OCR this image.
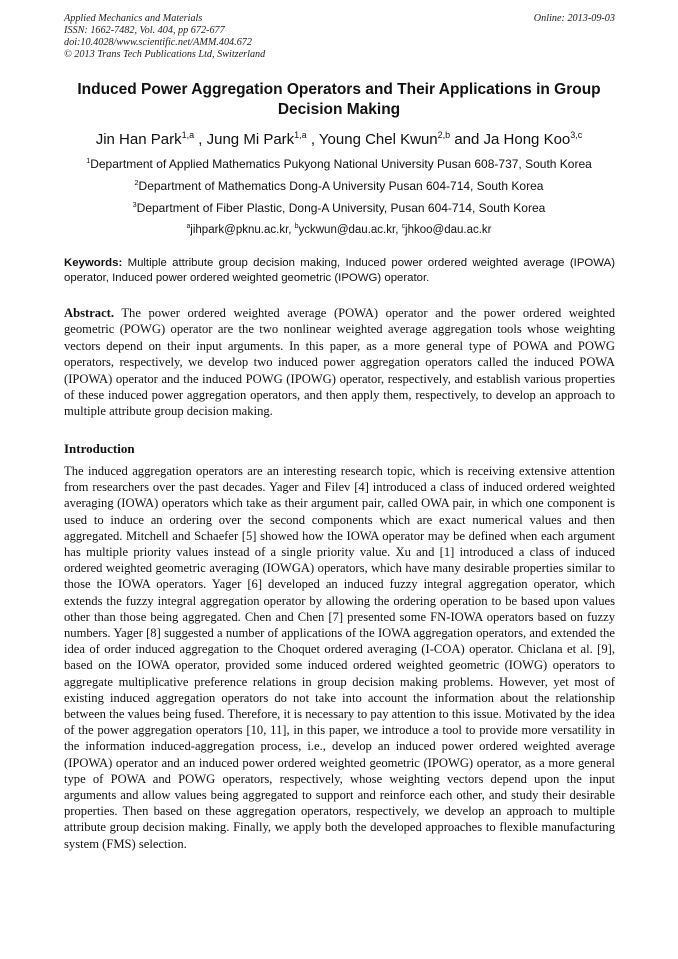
Applied Mechanics and Materials
ISSN: 1662-7482, Vol. 404, pp 672-677
doi:10.4028/www.scientific.net/AMM.404.672
© 2013 Trans Tech Publications Ltd, Switzerland
Online: 2013-09-03
Induced Power Aggregation Operators and Their Applications in Group Decision Making
Jin Han Park$^{1,a}$ , Jung Mi Park$^{1,a}$ , Young Chel Kwun$^{2,b}$ and Ja Hong Koo$^{3,c}$
$^1$Department of Applied Mathematics Pukyong National University Pusan 608-737, South Korea
$^2$Department of Mathematics Dong-A University Pusan 604-714, South Korea
$^3$Department of Fiber Plastic, Dong-A University, Pusan 604-714, South Korea
$^a$jihpark@pknu.ac.kr, $^b$yckwun@dau.ac.kr, $^c$jhkoo@dau.ac.kr
Keywords: Multiple attribute group decision making, Induced power ordered weighted average (IPOWA) operator, Induced power ordered weighted geometric (IPOWG) operator.
Abstract. The power ordered weighted average (POWA) operator and the power ordered weighted geometric (POWG) operator are the two nonlinear weighted average aggregation tools whose weighting vectors depend on their input arguments. In this paper, as a more general type of POWA and POWG operators, respectively, we develop two induced power aggregation operators called the induced POWA (IPOWA) operator and the induced POWG (IPOWG) operator, respectively, and establish various properties of these induced power aggregation operators, and then apply them, respectively, to develop an approach to multiple attribute group decision making.
Introduction
The induced aggregation operators are an interesting research topic, which is receiving extensive attention from researchers over the past decades. Yager and Filev [4] introduced a class of induced ordered weighted averaging (IOWA) operators which take as their argument pair, called OWA pair, in which one component is used to induce an ordering over the second components which are exact numerical values and then aggregated. Mitchell and Schaefer [5] showed how the IOWA operator may be defined when each argument has multiple priority values instead of a single priority value. Xu and [1] introduced a class of induced ordered weighted geometric averaging (IOWGA) operators, which have many desirable properties similar to those the IOWA operators. Yager [6] developed an induced fuzzy integral aggregation operator, which extends the fuzzy integral aggregation operator by allowing the ordering operation to be based upon values other than those being aggregated. Chen and Chen [7] presented some FN-IOWA operators based on fuzzy numbers. Yager [8] suggested a number of applications of the IOWA aggregation operators, and extended the idea of order induced aggregation to the Choquet ordered averaging (I-COA) operator. Chiclana et al. [9], based on the IOWA operator, provided some induced ordered weighted geometric (IOWG) operators to aggregate multiplicative preference relations in group decision making problems. However, yet most of existing induced aggregation operators do not take into account the information about the relationship between the values being fused. Therefore, it is necessary to pay attention to this issue. Motivated by the idea of the power aggregation operators [10, 11], in this paper, we introduce a tool to provide more versatility in the information induced-aggregation process, i.e., develop an induced power ordered weighted average (IPOWA) operator and an induced power ordered weighted geometric (IPOWG) operator, as a more general type of POWA and POWG operators, respectively, whose weighting vectors depend upon the input arguments and allow values being aggregated to support and reinforce each other, and study their desirable properties. Then based on these aggregation operators, respectively, we develop an approach to multiple attribute group decision making. Finally, we apply both the developed approaches to flexible manufacturing system (FMS) selection.
